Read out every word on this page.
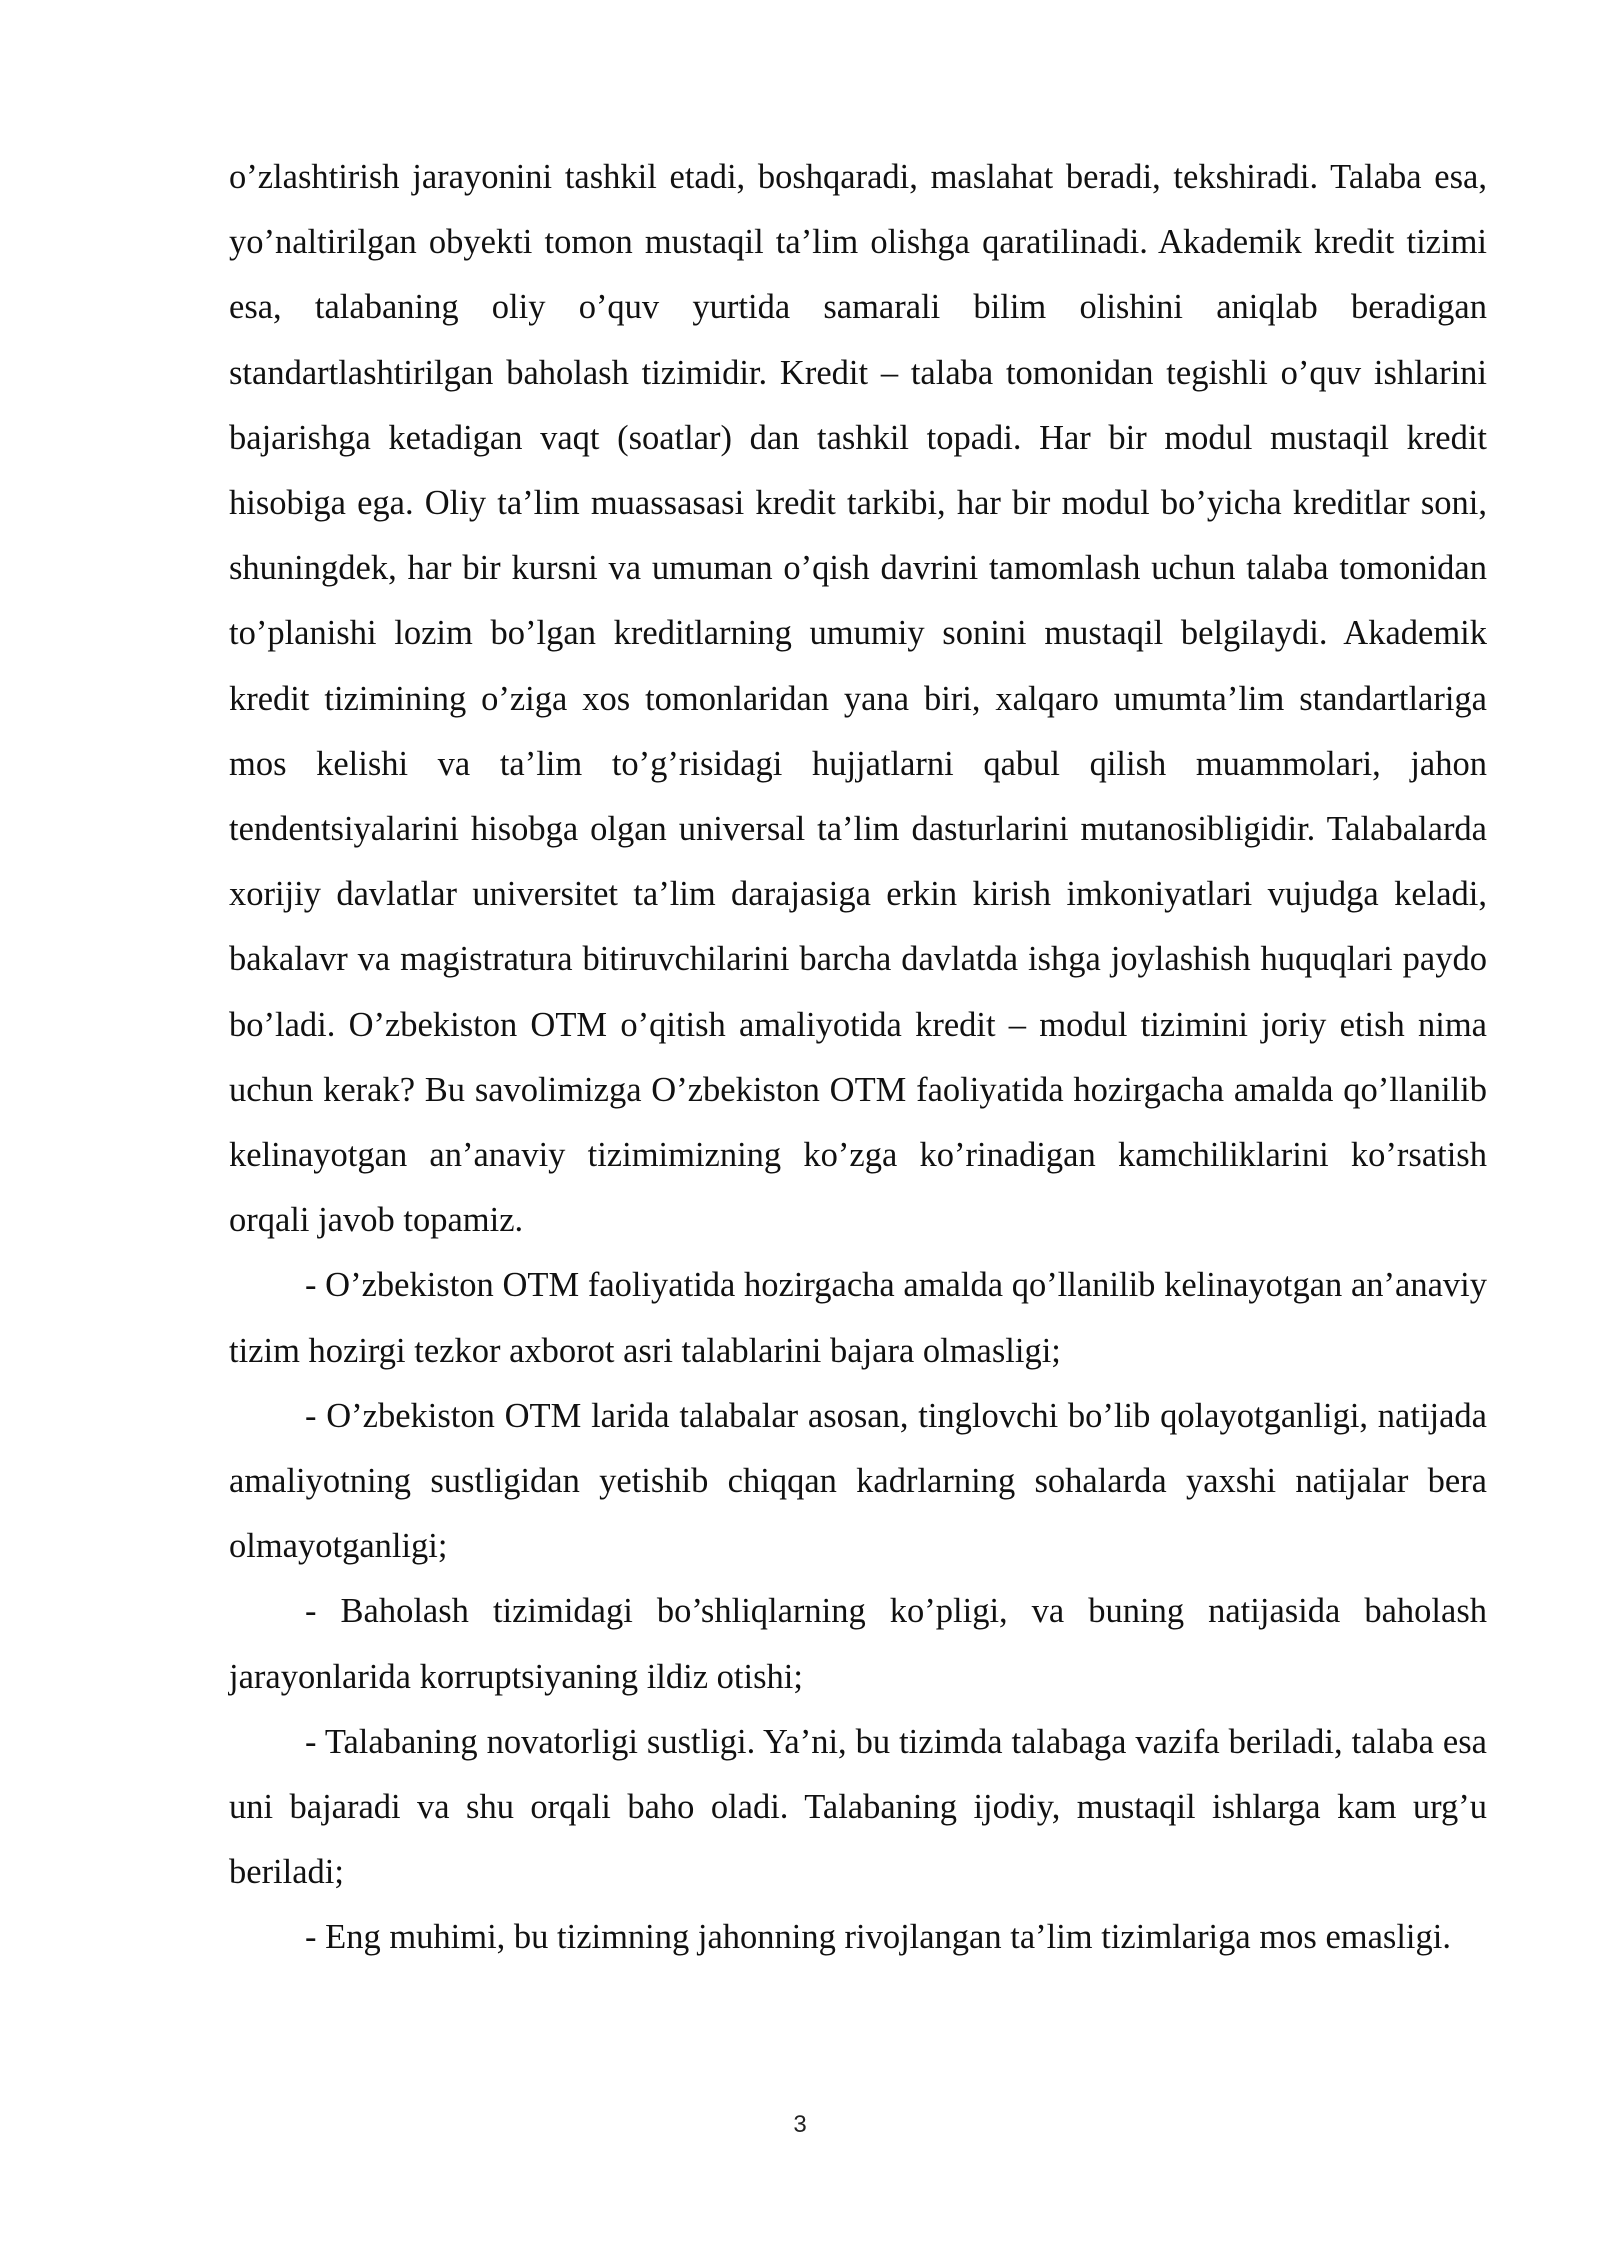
o’zlashtirish jarayonini tashkil etadi, boshqaradi, maslahat beradi, tekshiradi. Talaba esa, yo’naltirilgan obyekti tomon mustaqil ta’lim olishga qaratilinadi. Akademik kredit tizimi esa, talabaning oliy o’quv yurtida samarali bilim olishini aniqlab beradigan standartlashtirilgan baholash tizimidir. Kredit – talaba tomonidan tegishli o’quv ishlarini bajarishga ketadigan vaqt (soatlar) dan tashkil topadi. Har bir modul mustaqil kredit hisobiga ega. Oliy ta’lim muassasasi kredit tarkibi, har bir modul bo’yicha kreditlar soni, shuningdek, har bir kursni va umuman o’qish davrini tamomlash uchun talaba tomonidan to’planishi lozim bo’lgan kreditlarning umumiy sonini mustaqil belgilaydi. Akademik kredit tizimining o’ziga xos tomonlaridan yana biri, xalqaro umumta’lim standartlariga mos kelishi va ta’lim to’g’risidagi hujjatlarni qabul qilish muammolari, jahon tendentsiyalarini hisobga olgan universal ta’lim dasturlarini mutanosibligidir. Talabalarda xorijiy davlatlar universitet ta’lim darajasiga erkin kirish imkoniyatlari vujudga keladi, bakalavr va magistratura bitiruvchilarini barcha davlatda ishga joylashish huquqlari paydo bo’ladi. O’zbekiston OTM o’qitish amaliyotida kredit – modul tizimini joriy etish nima uchun kerak? Bu savolimizga O’zbekiston OTM faoliyatida hozirgacha amalda qo’llanilib kelinayotgan an’anaviy tizimimizning ko’zga ko’rinadigan kamchiliklarini ko’rsatish orqali javob topamiz.

- O’zbekiston OTM faoliyatida hozirgacha amalda qo’llanilib kelinayotgan an’anaviy tizim hozirgi tezkor axborot asri talablarini bajara olmasligi;

- O’zbekiston OTM larida talabalar asosan, tinglovchi bo’lib qolayotganligi, natijada amaliyotning sustligidan yetishib chiqqan kadrlarning sohalarda yaxshi natijalar bera olmayotganligi;

- Baholash tizimidagi bo’shliqlarning ko’pligi, va buning natijasida baholash jarayonlarida korruptsiyaning ildiz otishi;

- Talabaning novatorligi sustligi. Ya’ni, bu tizimda talabaga vazifa beriladi, talaba esa uni bajaradi va shu orqali baho oladi. Talabaning ijodiy, mustaqil ishlarga kam urg’u beriladi;

- Eng muhimi, bu tizimning jahonning rivojlangan ta’lim tizimlariga mos emasligi.

3
